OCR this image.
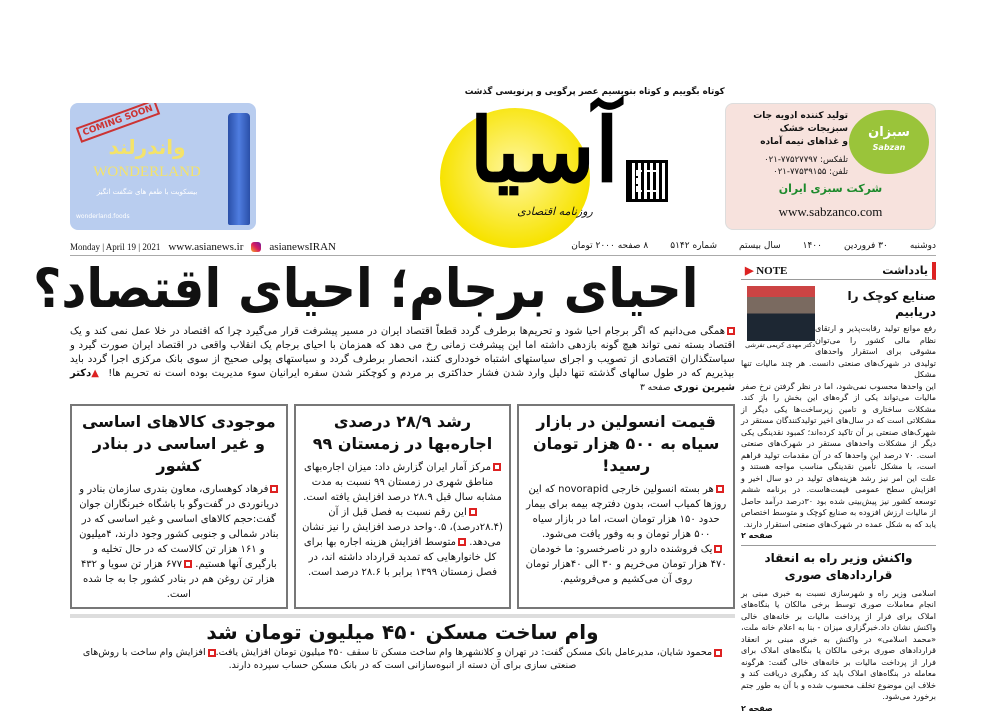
COMING SOON
واندرلند
WONDERLAND
بیسکویت با طعم های شگفت انگیز
wonderland.foods
کوتاه بگوییم و کوتاه بنویسیم عصر پرگویی و پرنویسی گذشت
آسیا
روزنامه اقتصادی
سبزان
Sabzan
تولید کننده ادویه جات
سبزیجات خشک
و غذاهای نیمه آماده
تلفکس: ۷۷۵۲۷۷۹۷-۰۲۱
تلفن: ۷۷۵۳۹۱۵۵-۰۲۱
شرکت سبزی ایران
www.sabzanco.com
Monday | April 19 | 2021 www.asianews.ir asianewsIRAN	دوشنبه
۳۰ فروردین
۱۴۰۰
سال بیستم
شماره ۵۱۴۲
۸ صفحه ۲۰۰۰ تومان
احیای برجام؛ احیای اقتصاد؟
همگی می‌دانیم که اگر برجام احیا شود و تحریم‌ها برطرف گردد قطعاً اقتصاد ایران در مسیر پیشرفت قرار می‌گیرد چرا که اقتصاد در خلا عمل نمی کند و یک اقتصاد بسته نمی تواند هیچ گونه بازدهی داشته اما این پیشرفت زمانی رخ می دهد که همزمان با احیای برجام یک انقلاب واقعی در اقتصاد ایران صورت گیرد و سیاستگذاران اقتصادی از تصویب و اجرای سیاستهای اشتباه خودداری کنند، انحصار برطرف گردد و سیاستهای پولی صحیح از سوی بانک مرکزی اجرا گردد باید بپذیریم که در طول سالهای گذشته تنها دلیل وارد شدن فشار حداکثری بر مردم و کوچکتر شدن سفره ایرانیان سوء مدیریت بوده است نه تحریم ها!  ▲دکتر شیرین نوری صفحه ۳
قیمت انسولین در بازار سیاه به ۵۰۰ هزار تومان رسید!

هر بسته انسولین خارجی novorapid که این روزها کمیاب است، بدون دفترچه بیمه برای بیمار حدود ۱۵۰ هزار تومان است، اما در بازار سیاه ۵۰۰ هزار تومان و به وفور یافت می‌شود.

یک فروشنده دارو در ناصرخسرو: ما خودمان ۴۷۰ هزار تومان می‌خریم و ۳۰ الی ۴۰هزار تومان روی آن می‌کشیم و می‌فروشیم.

رشد ۲۸/۹ درصدی اجاره‌بها در زمستان ۹۹

مرکز آمار ایران گزارش داد: میزان اجاره‌بهای مناطق شهری در زمستان ۹۹ نسبت به مدت مشابه سال قبل ۲۸.۹ درصد افزایش یافته است. این رقم نسبت به فصل قبل از آن (۲۸.۴درصد)، ۰.۵واحد درصد افزایش را نیز نشان می‌دهد. متوسط افزایش هزینه اجاره بها برای کل خانوارهایی که تمدید قرارداد داشته اند، در فصل زمستان ۱۳۹۹ برابر با ۲۸.۶ درصد است.

موجودی کالاهای اساسی و غیر اساسی در بنادر کشور

فرهاد کوهساری، معاون بندری سازمان بنادر و دریانوردی در گفت‌وگو با باشگاه خبرنگاران جوان گفت:حجم کالاهای اساسی و غیر اساسی که در بنادر شمالی و جنوبی کشور وجود دارند، ۴میلیون و ۱۶۱ هزار تن کالاست که در حال تخلیه و بارگیری آنها هستیم. ۶۷۷ هزار تن سویا و ۴۳۲ هزار تن روغن هم در بنادر کشور جا به جا شده است.

وام ساخت مسکن ۴۵۰ میلیون تومان شد

محمود شایان، مدیرعامل بانک مسکن گفت: در تهران و کلانشهرها وام ساخت مسکن تا سقف ۴۵۰ میلیون تومان افزایش یافت.افزایش وام ساخت با روش‌های صنعتی سازی برای آن دسته از انبوه‌سازانی است که در بانک مسکن حساب سپرده دارند.

یادداشت
▶ NOTE
دکتر مهدی کریمی تفرشی
صنایع کوچک را دریابیم
رفع موانع تولید رقابت‌پذیر و ارتقای نظام مالی کشور را می‌توان مشوقی برای استقرار واحدهای تولیدی در شهرک‌های صنعتی دانست. هر چند مالیات تنها مشکل
این واحدها محسوب نمی‌شود، اما در نظر گرفتن نرخ صفر مالیات می‌تواند یکی از گره‌های این بخش را باز کند. مشکلات ساختاری و تامین زیرساخت‌ها یکی دیگر از مشکلاتی است که در سال‌های اخیر تولیدکنندگان مستقر در شهرک‌های صنعتی بر آن تاکید کرده‌اند؛ کمبود نقدینگی یکی دیگر از مشکلات واحدهای مستقر در شهرک‌های صنعتی است. ۷۰ درصد این واحدها که در آن مقدمات تولید فراهم است، با مشکل تأمین نقدینگی مناسب مواجه هستند و علت این امر نیز رشد هزینه‌های تولید در دو سال اخیر و افزایش سطح عمومی قیمت‌هاست. در برنامه ششم توسعه کشور نیز پیش‌بینی شده بود ۳۰درصد درآمد حاصل از مالیات ارزش افزوده به صنایع کوچک و متوسط اختصاص یابد که به شکل عمده در شهرک‌های صنعتی استقرار دارند.
صفحه ۲

واکنش وزیر راه به انعقاد قراردادهای صوری
اسلامی وزیر راه و شهرسازی نسبت به خبری مبنی بر انجام معاملات صوری توسط برخی مالکان یا بنگاه‌های املاک برای فرار از پرداخت مالیات بر خانه‌های خالی واکنش نشان داد.خبرگزاری میزان - بنا به اعلام خانه ملت، «محمد اسلامی» در واکنش به خبری مبنی بر انعقاد قراردادهای صوری برخی مالکان یا بنگاه‌های املاک برای فرار از پرداخت مالیات بر خانه‌های خالی گفت: هرگونه معامله در بنگاه‌های املاک باید کد رهگیری دریافت کند و خلاف این موضوع تخلف محسوب شده و با آن به طور جتم برخورد می‌شود.
صفحه ۲
